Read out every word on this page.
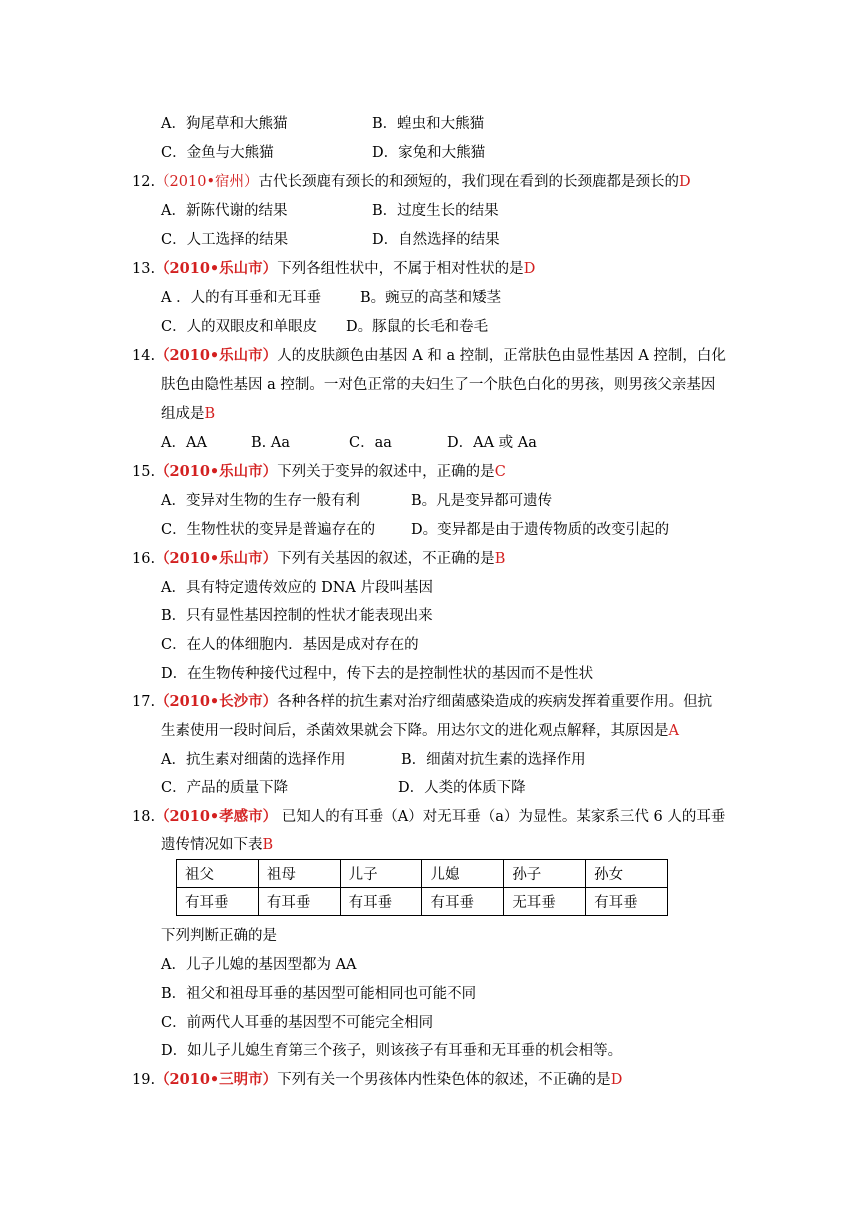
A．狗尾草和大熊猫	B．蝗虫和大熊猫
C．金鱼与大熊猫	D．家兔和大熊猫
12.（2010•宿州）古代长颈鹿有颈长的和颈短的，我们现在看到的长颈鹿都是颈长的D
A．新陈代谢的结果	B．过度生长的结果
C．人工选择的结果	D．自然选择的结果
13.（2010•乐山市）下列各组性状中，不属于相对性状的是D
A ．人的有耳垂和无耳垂	B。豌豆的高茎和矮茎
C．人的双眼皮和单眼皮 D。豚鼠的长毛和卷毛
14.（2010•乐山市）人的皮肤颜色由基因 A 和 a 控制，正常肤色由显性基因 A 控制，白化
肤色由隐性基因 a 控制。一对色正常的夫妇生了一个肤色白化的男孩，则男孩父亲基因
组成是B
A．AA	B. Aa	C．aa	D．AA 或 Aa
15.（2010•乐山市）下列关于变异的叙述中，正确的是C
A．变异对生物的生存一般有利	B。凡是变异都可遗传
C．生物性状的变异是普遍存在的 D。变异都是由于遗传物质的改变引起的
16.（2010•乐山市）下列有关基因的叙述，不正确的是B
A．具有特定遗传效应的 DNA 片段叫基因
B．只有显性基因控制的性状才能表现出来
C．在人的体细胞内．基因是成对存在的
D．在生物传种接代过程中，传下去的是控制性状的基因而不是性状
17.（2010•长沙市）各种各样的抗生素对治疗细菌感染造成的疾病发挥着重要作用。但抗
生素使用一段时间后，杀菌效果就会下降。用达尔文的进化观点解释，其原因是A
A．抗生素对细菌的选择作用	B．细菌对抗生素的选择作用
C．产品的质量下降	D．人类的体质下降
18.（2010•孝感市） 已知人的有耳垂（A）对无耳垂（a）为显性。某家系三代 6 人的耳垂
遗传情况如下表B
祖父	祖母	儿子	儿媳	孙子	孙女
有耳垂	有耳垂	有耳垂	有耳垂	无耳垂	有耳垂
下列判断正确的是
A．儿子儿媳的基因型都为 AA
B．祖父和祖母耳垂的基因型可能相同也可能不同
C．前两代人耳垂的基因型不可能完全相同
D．如儿子儿媳生育第三个孩子，则该孩子有耳垂和无耳垂的机会相等。
19.（2010•三明市）下列有关一个男孩体内性染色体的叙述，不正确的是D
